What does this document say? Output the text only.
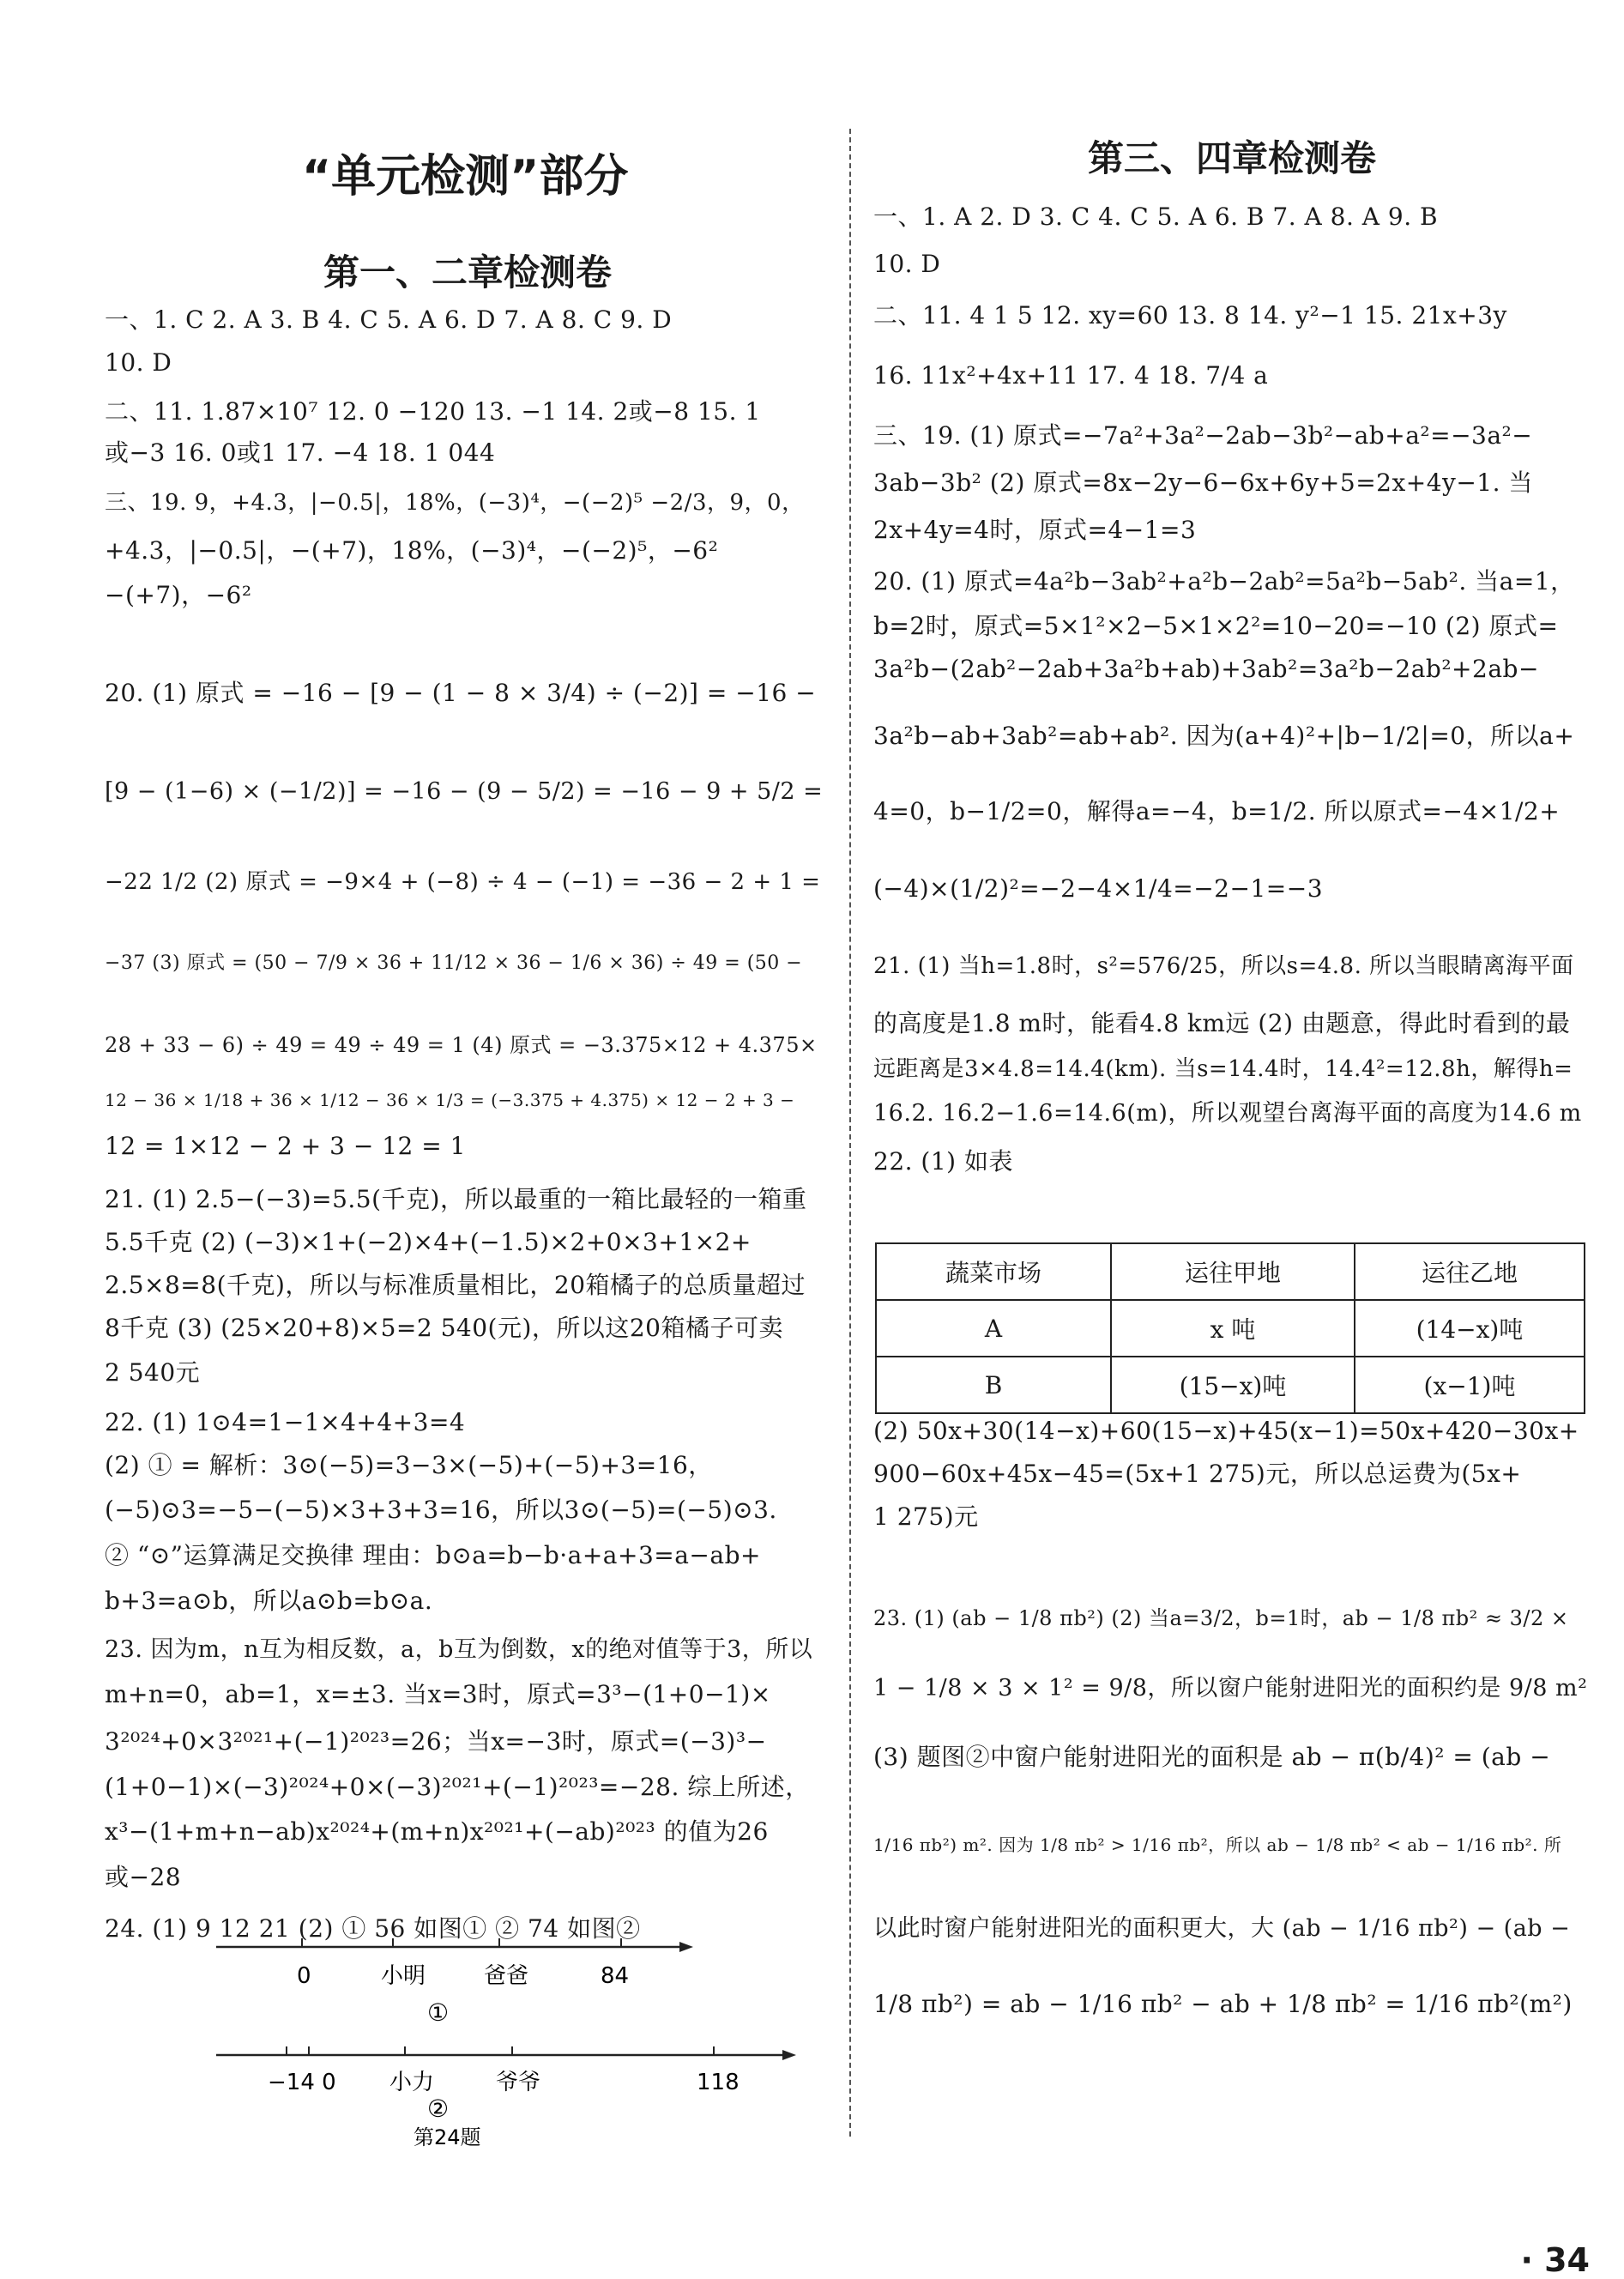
“单元检测”部分
第一、二章检测卷
一、1. C 2. A 3. B 4. C 5. A 6. D 7. A 8. C 9. D
10. D
二、11. 1.87×10⁷ 12. 0 −120 13. −1 14. 2或−8 15. 1
或−3 16. 0或1 17. −4 18. 1 044
三、19. 9，+4.3，|−0.5|，18%，(−3)⁴，−(−2)⁵ −2/3，9，0，
+4.3，|−0.5|，−(+7)，18%，(−3)⁴，−(−2)⁵，−6²
−(+7)，−6²
20. (1) 原式 = −16 − [9 − (1 − 8 × 3/4) ÷ (−2)] = −16 −
[9 − (1−6) × (−1/2)] = −16 − (9 − 5/2) = −16 − 9 + 5/2 =
−22 1/2 (2) 原式 = −9×4 + (−8) ÷ 4 − (−1) = −36 − 2 + 1 =
−37 (3) 原式 = (50 − 7/9 × 36 + 11/12 × 36 − 1/6 × 36) ÷ 49 = (50 −
28 + 33 − 6) ÷ 49 = 49 ÷ 49 = 1 (4) 原式 = −3.375×12 + 4.375×
12 − 36 × 1/18 + 36 × 1/12 − 36 × 1/3 = (−3.375 + 4.375) × 12 − 2 + 3 −
12 = 1×12 − 2 + 3 − 12 = 1
21. (1) 2.5−(−3)=5.5(千克)，所以最重的一箱比最轻的一箱重
5.5千克 (2) (−3)×1+(−2)×4+(−1.5)×2+0×3+1×2+
2.5×8=8(千克)，所以与标准质量相比，20箱橘子的总质量超过
8千克 (3) (25×20+8)×5=2 540(元)，所以这20箱橘子可卖
2 540元
22. (1) 1⊙4=1−1×4+4+3=4
(2) ① = 解析：3⊙(−5)=3−3×(−5)+(−5)+3=16，
(−5)⊙3=−5−(−5)×3+3+3=16，所以3⊙(−5)=(−5)⊙3.
② “⊙”运算满足交换律 理由：b⊙a=b−b·a+a+3=a−ab+
b+3=a⊙b，所以a⊙b=b⊙a.
23. 因为m，n互为相反数，a，b互为倒数，x的绝对值等于3，所以
m+n=0，ab=1，x=±3. 当x=3时，原式=3³−(1+0−1)×
3²⁰²⁴+0×3²⁰²¹+(−1)²⁰²³=26；当x=−3时，原式=(−3)³−
(1+0−1)×(−3)²⁰²⁴+0×(−3)²⁰²¹+(−1)²⁰²³=−28. 综上所述，
x³−(1+m+n−ab)x²⁰²⁴+(m+n)x²⁰²¹+(−ab)²⁰²³ 的值为26
或−28
24. (1) 9 12 21 (2) ① 56 如图① ② 74 如图②
0	小明	爸爸	84
①
−14 0 小力	爷爷	118
②
第24题
第三、四章检测卷
一、1. A 2. D 3. C 4. C 5. A 6. B 7. A 8. A 9. B
10. D
二、11. 4 1 5 12. xy=60 13. 8 14. y²−1 15. 21x+3y
16. 11x²+4x+11 17. 4 18. 7/4 a
三、19. (1) 原式=−7a²+3a²−2ab−3b²−ab+a²=−3a²−
3ab−3b² (2) 原式=8x−2y−6−6x+6y+5=2x+4y−1. 当
2x+4y=4时，原式=4−1=3
20. (1) 原式=4a²b−3ab²+a²b−2ab²=5a²b−5ab². 当a=1，
b=2时，原式=5×1²×2−5×1×2²=10−20=−10 (2) 原式=
3a²b−(2ab²−2ab+3a²b+ab)+3ab²=3a²b−2ab²+2ab−
3a²b−ab+3ab²=ab+ab². 因为(a+4)²+|b−1/2|=0，所以a+
4=0，b−1/2=0，解得a=−4，b=1/2. 所以原式=−4×1/2+
(−4)×(1/2)²=−2−4×1/4=−2−1=−3
21. (1) 当h=1.8时，s²=576/25，所以s=4.8. 所以当眼睛离海平面
的高度是1.8 m时，能看4.8 km远 (2) 由题意，得此时看到的最
远距离是3×4.8=14.4(km). 当s=14.4时，14.4²=12.8h，解得h=
16.2. 16.2−1.6=14.6(m)，所以观望台离海平面的高度为14.6 m
22. (1) 如表
蔬菜市场	运往甲地	运往乙地
A	x 吨	(14−x)吨
B	(15−x)吨	(x−1)吨
(2) 50x+30(14−x)+60(15−x)+45(x−1)=50x+420−30x+
900−60x+45x−45=(5x+1 275)元，所以总运费为(5x+
1 275)元
23. (1) (ab − 1/8 πb²) (2) 当a=3/2，b=1时，ab − 1/8 πb² ≈ 3/2 ×
1 − 1/8 × 3 × 1² = 9/8，所以窗户能射进阳光的面积约是 9/8 m²
(3) 题图②中窗户能射进阳光的面积是 ab − π(b/4)² = (ab −
1/16 πb²) m². 因为 1/8 πb² > 1/16 πb²，所以 ab − 1/8 πb² < ab − 1/16 πb². 所
以此时窗户能射进阳光的面积更大，大 (ab − 1/16 πb²) − (ab −
1/8 πb²) = ab − 1/16 πb² − ab + 1/8 πb² = 1/16 πb²(m²)
· 34
